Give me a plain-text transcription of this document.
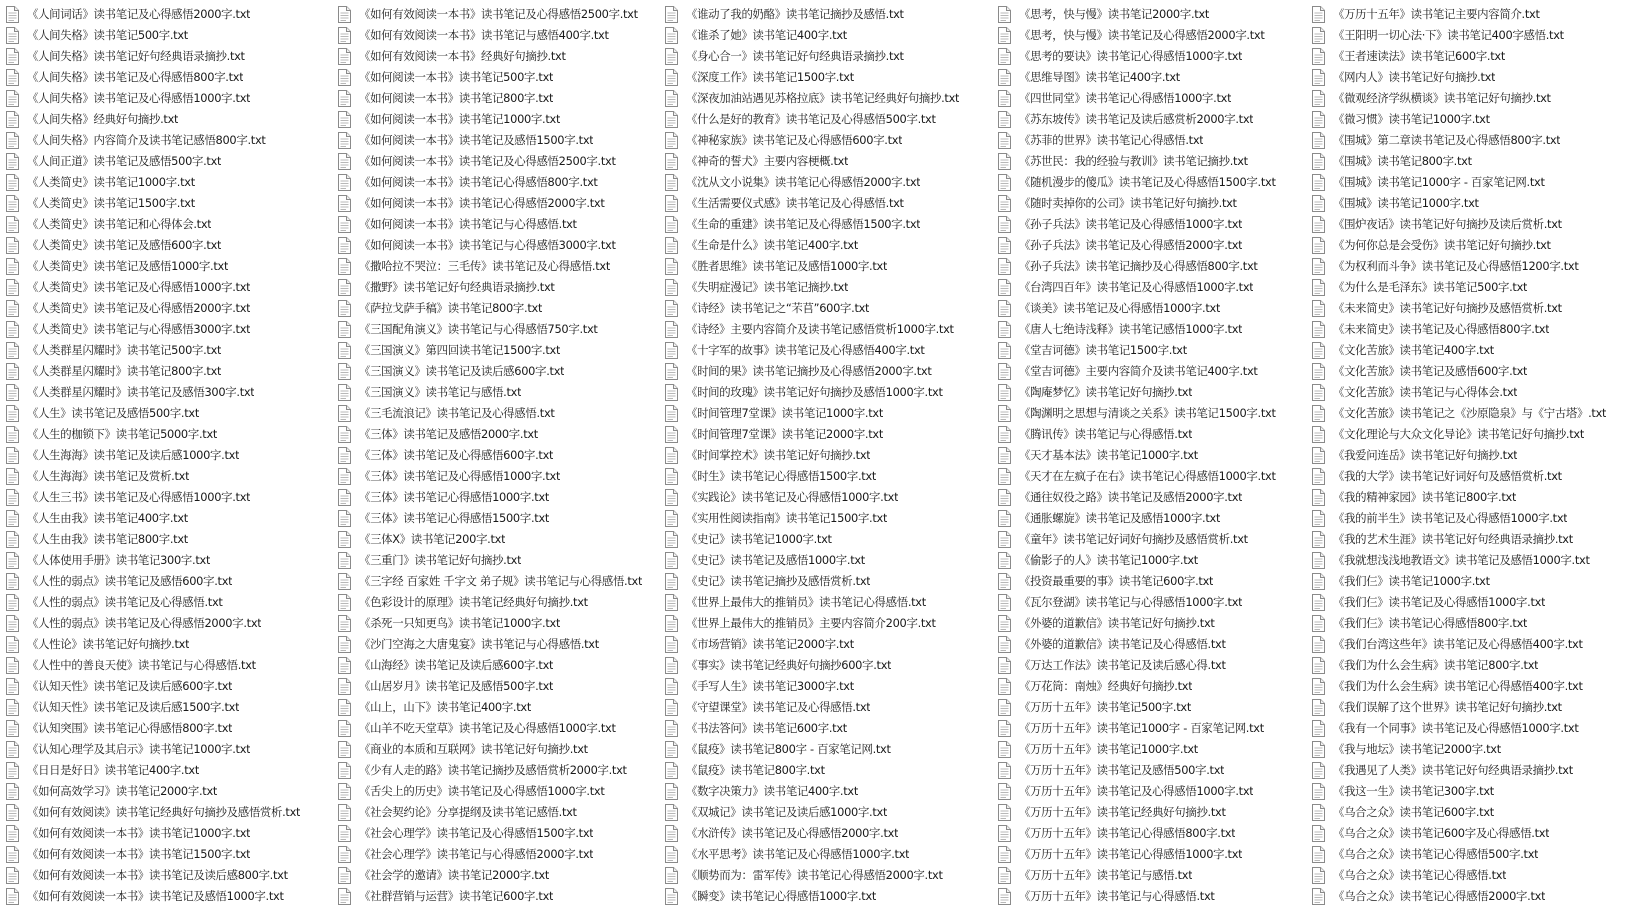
《人间词话》读书笔记及心得感悟2000字.txt
《人间失格》读书笔记500字.txt
《人间失格》读书笔记好句经典语录摘抄.txt
《人间失格》读书笔记及心得感悟800字.txt
《人间失格》读书笔记及心得感悟1000字.txt
《人间失格》经典好句摘抄.txt
《人间失格》内容简介及读书笔记感悟800字.txt
《人间正道》读书笔记及感悟500字.txt
《人类简史》读书笔记1000字.txt
《人类简史》读书笔记1500字.txt
《人类简史》读书笔记和心得体会.txt
《人类简史》读书笔记及感悟600字.txt
《人类简史》读书笔记及感悟1000字.txt
《人类简史》读书笔记及心得感悟1000字.txt
《人类简史》读书笔记及心得感悟2000字.txt
《人类简史》读书笔记与心得感悟3000字.txt
《人类群星闪耀时》读书笔记500字.txt
《人类群星闪耀时》读书笔记800字.txt
《人类群星闪耀时》读书笔记及感悟300字.txt
《人生》读书笔记及感悟500字.txt
《人生的枷锁下》读书笔记5000字.txt
《人生海海》读书笔记及读后感1000字.txt
《人生海海》读书笔记及赏析.txt
《人生三书》读书笔记及心得感悟1000字.txt
《人生由我》读书笔记400字.txt
《人生由我》读书笔记800字.txt
《人体使用手册》读书笔记300字.txt
《人性的弱点》读书笔记及感悟600字.txt
《人性的弱点》读书笔记及心得感悟.txt
《人性的弱点》读书笔记及心得感悟2000字.txt
《人性论》读书笔记好句摘抄.txt
《人性中的善良天使》读书笔记与心得感悟.txt
《认知天性》读书笔记及读后感600字.txt
《认知天性》读书笔记及读后感1500字.txt
《认知突围》读书笔记心得感悟800字.txt
《认知心理学及其启示》读书笔记1000字.txt
《日日是好日》读书笔记400字.txt
《如何高效学习》读书笔记2000字.txt
《如何有效阅读》读书笔记经典好句摘抄及感悟赏析.txt
《如何有效阅读一本书》读书笔记1000字.txt
《如何有效阅读一本书》读书笔记1500字.txt
《如何有效阅读一本书》读书笔记及读后感800字.txt
《如何有效阅读一本书》读书笔记及感悟1000字.txt
《如何有效阅读一本书》读书笔记及心得感悟2500字.txt
《如何有效阅读一本书》读书笔记与感悟400字.txt
《如何有效阅读一本书》经典好句摘抄.txt
《如何阅读一本书》读书笔记500字.txt
《如何阅读一本书》读书笔记800字.txt
《如何阅读一本书》读书笔记1000字.txt
《如何阅读一本书》读书笔记及感悟1500字.txt
《如何阅读一本书》读书笔记及心得感悟2500字.txt
《如何阅读一本书》读书笔记心得感悟800字.txt
《如何阅读一本书》读书笔记心得感悟2000字.txt
《如何阅读一本书》读书笔记与心得感悟.txt
《如何阅读一本书》读书笔记与心得感悟3000字.txt
《撒哈拉不哭泣：三毛传》读书笔记及心得感悟.txt
《撒野》读书笔记好句经典语录摘抄.txt
《萨拉戈萨手稿》读书笔记800字.txt
《三国配角演义》读书笔记与心得感悟750字.txt
《三国演义》第四回读书笔记1500字.txt
《三国演义》读书笔记及读后感600字.txt
《三国演义》读书笔记与感悟.txt
《三毛流浪记》读书笔记及心得感悟.txt
《三体》读书笔记及感悟2000字.txt
《三体》读书笔记及心得感悟600字.txt
《三体》读书笔记及心得感悟1000字.txt
《三体》读书笔记心得感悟1000字.txt
《三体》读书笔记心得感悟1500字.txt
《三体X》读书笔记200字.txt
《三重门》读书笔记好句摘抄.txt
《三字经 百家姓 千字文 弟子规》读书笔记与心得感悟.txt
《色彩设计的原理》读书笔记经典好句摘抄.txt
《杀死一只知更鸟》读书笔记1000字.txt
《沙门空海之大唐鬼宴》读书笔记与心得感悟.txt
《山海经》读书笔记及读后感600字.txt
《山居岁月》读书笔记及感悟500字.txt
《山上，山下》读书笔记400字.txt
《山羊不吃天堂草》读书笔记及心得感悟1000字.txt
《商业的本质和互联网》读书笔记好句摘抄.txt
《少有人走的路》读书笔记摘抄及感悟赏析2000字.txt
《舌尖上的历史》读书笔记及心得感悟1000字.txt
《社会契约论》分享提纲及读书笔记感悟.txt
《社会心理学》读书笔记及心得感悟1500字.txt
《社会心理学》读书笔记与心得感悟2000字.txt
《社会学的邀请》读书笔记2000字.txt
《社群营销与运营》读书笔记600字.txt
《谁动了我的奶酪》读书笔记摘抄及感悟.txt
《谁杀了她》读书笔记400字.txt
《身心合一》读书笔记好句经典语录摘抄.txt
《深度工作》读书笔记1500字.txt
《深夜加油站遇见苏格拉底》读书笔记经典好句摘抄.txt
《什么是好的教育》读书笔记及心得感悟500字.txt
《神秘家族》读书笔记及心得感悟600字.txt
《神奇的誓犬》主要内容梗概.txt
《沈从文小说集》读书笔记心得感悟2000字.txt
《生活需要仪式感》读书笔记及心得感悟.txt
《生命的重建》读书笔记及心得感悟1500字.txt
《生命是什么》读书笔记400字.txt
《胜者思维》读书笔记及感悟1000字.txt
《失明症漫记》读书笔记摘抄.txt
《诗经》读书笔记之“芣苢”600字.txt
《诗经》主要内容简介及读书笔记感悟赏析1000字.txt
《十字军的故事》读书笔记及心得感悟400字.txt
《时间的果》读书笔记摘抄及心得感悟2000字.txt
《时间的玫瑰》读书笔记好句摘抄及感悟1000字.txt
《时间管理7堂课》读书笔记1000字.txt
《时间管理7堂课》读书笔记2000字.txt
《时间掌控术》读书笔记好句摘抄.txt
《时生》读书笔记心得感悟1500字.txt
《实践论》读书笔记及心得感悟1000字.txt
《实用性阅读指南》读书笔记1500字.txt
《史记》读书笔记1000字.txt
《史记》读书笔记及感悟1000字.txt
《史记》读书笔记摘抄及感悟赏析.txt
《世界上最伟大的推销员》读书笔记心得感悟.txt
《世界上最伟大的推销员》主要内容简介200字.txt
《市场营销》读书笔记2000字.txt
《事实》读书笔记经典好句摘抄600字.txt
《手写人生》读书笔记3000字.txt
《守望课堂》读书笔记及心得感悟.txt
《书法答问》读书笔记600字.txt
《鼠疫》读书笔记800字 - 百家笔记网.txt
《鼠疫》读书笔记800字.txt
《数字决策力》读书笔记400字.txt
《双城记》读书笔记及读后感1000字.txt
《水浒传》读书笔记及心得感悟2000字.txt
《水平思考》读书笔记及心得感悟1000字.txt
《顺势而为：雷军传》读书笔记心得感悟2000字.txt
《瞬变》读书笔记心得感悟1000字.txt
《思考，快与慢》读书笔记2000字.txt
《思考，快与慢》读书笔记及心得感悟2000字.txt
《思考的要诀》读书笔记心得感悟1000字.txt
《思维导图》读书笔记400字.txt
《四世同堂》读书笔记心得感悟1000字.txt
《苏东坡传》读书笔记及读后感赏析2000字.txt
《苏菲的世界》读书笔记心得感悟.txt
《苏世民：我的经验与教训》读书笔记摘抄.txt
《随机漫步的傻瓜》读书笔记及心得感悟1500字.txt
《随时卖掉你的公司》读书笔记好句摘抄.txt
《孙子兵法》读书笔记及心得感悟1000字.txt
《孙子兵法》读书笔记及心得感悟2000字.txt
《孙子兵法》读书笔记摘抄及心得感悟800字.txt
《台湾四百年》读书笔记及心得感悟1000字.txt
《谈美》读书笔记及心得感悟1000字.txt
《唐人七绝诗浅释》读书笔记感悟1000字.txt
《堂吉诃德》读书笔记1500字.txt
《堂吉诃德》主要内容简介及读书笔记400字.txt
《陶庵梦忆》读书笔记好句摘抄.txt
《陶渊明之思想与清谈之关系》读书笔记1500字.txt
《腾讯传》读书笔记与心得感悟.txt
《天才基本法》读书笔记1000字.txt
《天才在左疯子在右》读书笔记心得感悟1000字.txt
《通往奴役之路》读书笔记及感悟2000字.txt
《通胀螺旋》读书笔记及感悟1000字.txt
《童年》读书笔记好词好句摘抄及感悟赏析.txt
《偷影子的人》读书笔记1000字.txt
《投资最重要的事》读书笔记600字.txt
《瓦尔登湖》读书笔记与心得感悟1000字.txt
《外婆的道歉信》读书笔记好句摘抄.txt
《外婆的道歉信》读书笔记及心得感悟.txt
《万达工作法》读书笔记及读后感心得.txt
《万花筒：南烛》经典好句摘抄.txt
《万历十五年》读书笔记500字.txt
《万历十五年》读书笔记1000字 - 百家笔记网.txt
《万历十五年》读书笔记1000字.txt
《万历十五年》读书笔记及感悟500字.txt
《万历十五年》读书笔记及心得感悟1000字.txt
《万历十五年》读书笔记经典好句摘抄.txt
《万历十五年》读书笔记心得感悟800字.txt
《万历十五年》读书笔记心得感悟1000字.txt
《万历十五年》读书笔记与感悟.txt
《万历十五年》读书笔记与心得感悟.txt
《万历十五年》读书笔记主要内容简介.txt
《王阳明一切心法·下》读书笔记400字感悟.txt
《王者速读法》读书笔记600字.txt
《网内人》读书笔记好句摘抄.txt
《微观经济学纵横谈》读书笔记好句摘抄.txt
《微习惯》读书笔记1000字.txt
《围城》第二章读书笔记及心得感悟800字.txt
《围城》读书笔记800字.txt
《围城》读书笔记1000字 - 百家笔记网.txt
《围城》读书笔记1000字.txt
《围炉夜话》读书笔记好句摘抄及读后赏析.txt
《为何你总是会受伤》读书笔记好句摘抄.txt
《为权利而斗争》读书笔记及心得感悟1200字.txt
《为什么是毛泽东》读书笔记500字.txt
《未来简史》读书笔记好句摘抄及感悟赏析.txt
《未来简史》读书笔记及心得感悟800字.txt
《文化苦旅》读书笔记400字.txt
《文化苦旅》读书笔记及感悟600字.txt
《文化苦旅》读书笔记与心得体会.txt
《文化苦旅》读书笔记之《沙原隐泉》与《宁古塔》.txt
《文化理论与大众文化导论》读书笔记好句摘抄.txt
《我爱问连岳》读书笔记好句摘抄.txt
《我的大学》读书笔记好词好句及感悟赏析.txt
《我的精神家园》读书笔记800字.txt
《我的前半生》读书笔记及心得感悟1000字.txt
《我的艺术生涯》读书笔记好句经典语录摘抄.txt
《我就想浅浅地教语文》读书笔记及感悟1000字.txt
《我们仨》读书笔记1000字.txt
《我们仨》读书笔记及心得感悟1000字.txt
《我们仨》读书笔记心得感悟800字.txt
《我们台湾这些年》读书笔记及心得感悟400字.txt
《我们为什么会生病》读书笔记800字.txt
《我们为什么会生病》读书笔记心得感悟400字.txt
《我们误解了这个世界》读书笔记好句摘抄.txt
《我有一个同事》读书笔记及心得感悟1000字.txt
《我与地坛》读书笔记2000字.txt
《我遇见了人类》读书笔记好句经典语录摘抄.txt
《我这一生》读书笔记300字.txt
《乌合之众》读书笔记600字.txt
《乌合之众》读书笔记600字及心得感悟.txt
《乌合之众》读书笔记心得感悟500字.txt
《乌合之众》读书笔记心得感悟.txt
《乌合之众》读书笔记心得感悟2000字.txt
